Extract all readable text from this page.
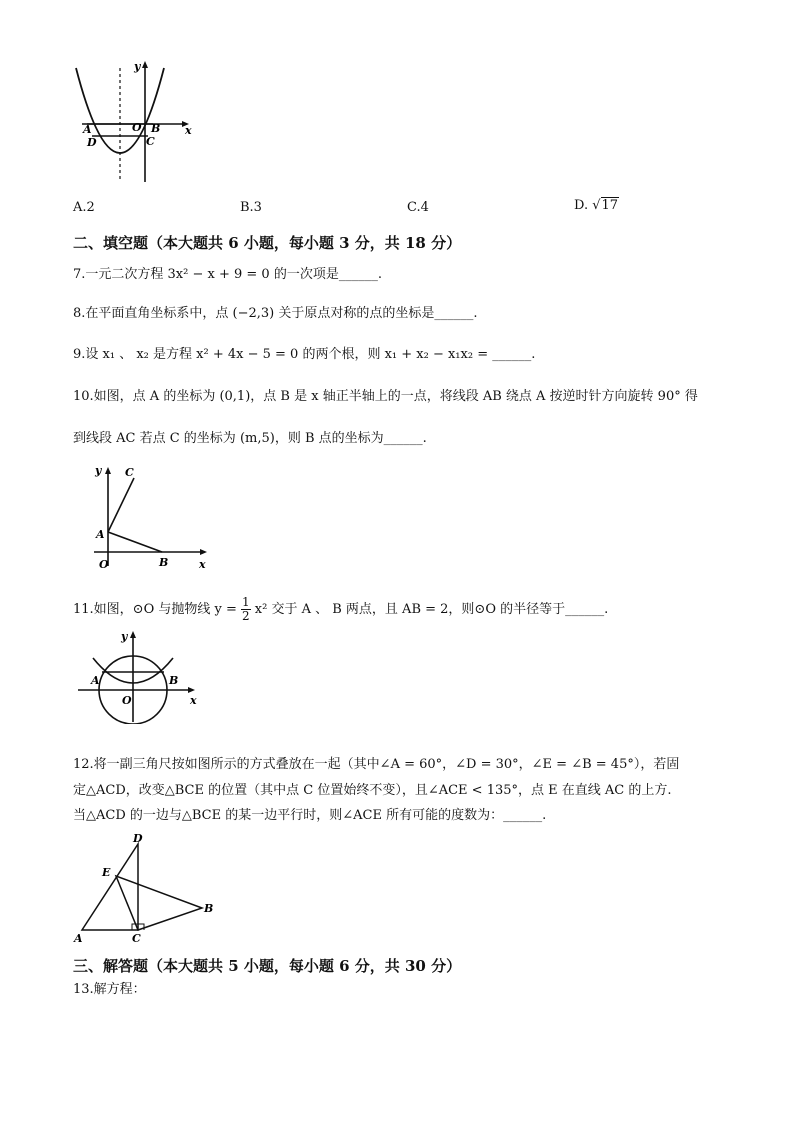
y
x
A	O B
D	C
A.2	B.3	C.4	D. √17
二、填空题（本大题共 6 小题，每小题 3 分，共 18 分）
7.一元二次方程 3x² − x + 9 = 0 的一次项是______.
8.在平面直角坐标系中，点 (−2,3) 关于原点对称的点的坐标是______.
9.设 x₁ 、 x₂ 是方程 x² + 4x − 5 = 0 的两个根，则 x₁ + x₂ − x₁x₂ = ______.
10.如图，点 A 的坐标为 (0,1)，点 B 是 x 轴正半轴上的一点，将线段 AB 绕点 A 按逆时针方向旋转 90° 得
到线段 AC 若点 C 的坐标为 (m,5)，则 B 点的坐标为______.
y C
A
O	B	x
11.如图，⊙O 与抛物线 $y = \frac{1}{2} x^2$ 交于 A 、 B 两点，且 AB = 2，则⊙O 的半径等于______.
y
A	B
O	x
12.将一副三角尺按如图所示的方式叠放在一起（其中∠A = 60°，∠D = 30°，∠E = ∠B = 45°），若固
定△ACD，改变△BCE 的位置（其中点 C 位置始终不变），且∠ACE < 135°，点 E 在直线 AC 的上方.
当△ACD 的一边与△BCE 的某一边平行时，则∠ACE 所有可能的度数为：______.
D
E
B
A	C
三、解答题（本大题共 5 小题，每小题 6 分，共 30 分）
13.解方程：
